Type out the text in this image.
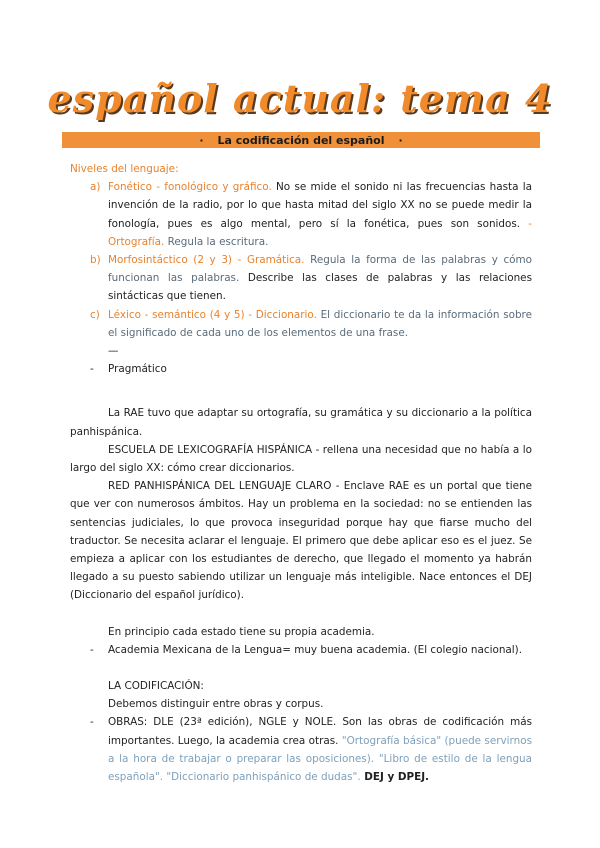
español actual: tema 4
· La codificación del español ·

Niveles del lenguaje:

a) Fonético - fonológico y gráfico. No se mide el sonido ni las frecuencias hasta la invención de la radio, por lo que hasta mitad del siglo XX no se puede medir la fonología, pues es algo mental, pero sí la fonética, pues son sonidos. - Ortografía. Regula la escritura.
b) Morfosintáctico (2 y 3) - Gramática. Regula la forma de las palabras y cómo funcionan las palabras. Describe las clases de palabras y las relaciones sintácticas que tienen.
c) Léxico - semántico (4 y 5) - Diccionario. El diccionario te da la información sobre el significado de cada uno de los elementos de una frase.
—
- Pragmático

La RAE tuvo que adaptar su ortografía, su gramática y su diccionario a la política panhispánica.

ESCUELA DE LEXICOGRAFÍA HISPÁNICA - rellena una necesidad que no había a lo largo del siglo XX: cómo crear diccionarios.

RED PANHISPÁNICA DEL LENGUAJE CLARO - Enclave RAE es un portal que tiene que ver con numerosos ámbitos. Hay un problema en la sociedad: no se entienden las sentencias judiciales, lo que provoca inseguridad porque hay que fiarse mucho del traductor. Se necesita aclarar el lenguaje. El primero que debe aplicar eso es el juez. Se empieza a aplicar con los estudiantes de derecho, que llegado el momento ya habrán llegado a su puesto sabiendo utilizar un lenguaje más inteligible. Nace entonces el DEJ (Diccionario del español jurídico).

En principio cada estado tiene su propia academia.

- Academia Mexicana de la Lengua= muy buena academia. (El colegio nacional).

LA CODIFICACIÓN:

Debemos distinguir entre obras y corpus.

- OBRAS: DLE (23ª edición), NGLE y NOLE. Son las obras de codificación más importantes. Luego, la academia crea otras. "Ortografía básica" (puede servirnos a la hora de trabajar o preparar las oposiciones). "Libro de estilo de la lengua española". "Diccionario panhispánico de dudas". DEJ y DPEJ.
